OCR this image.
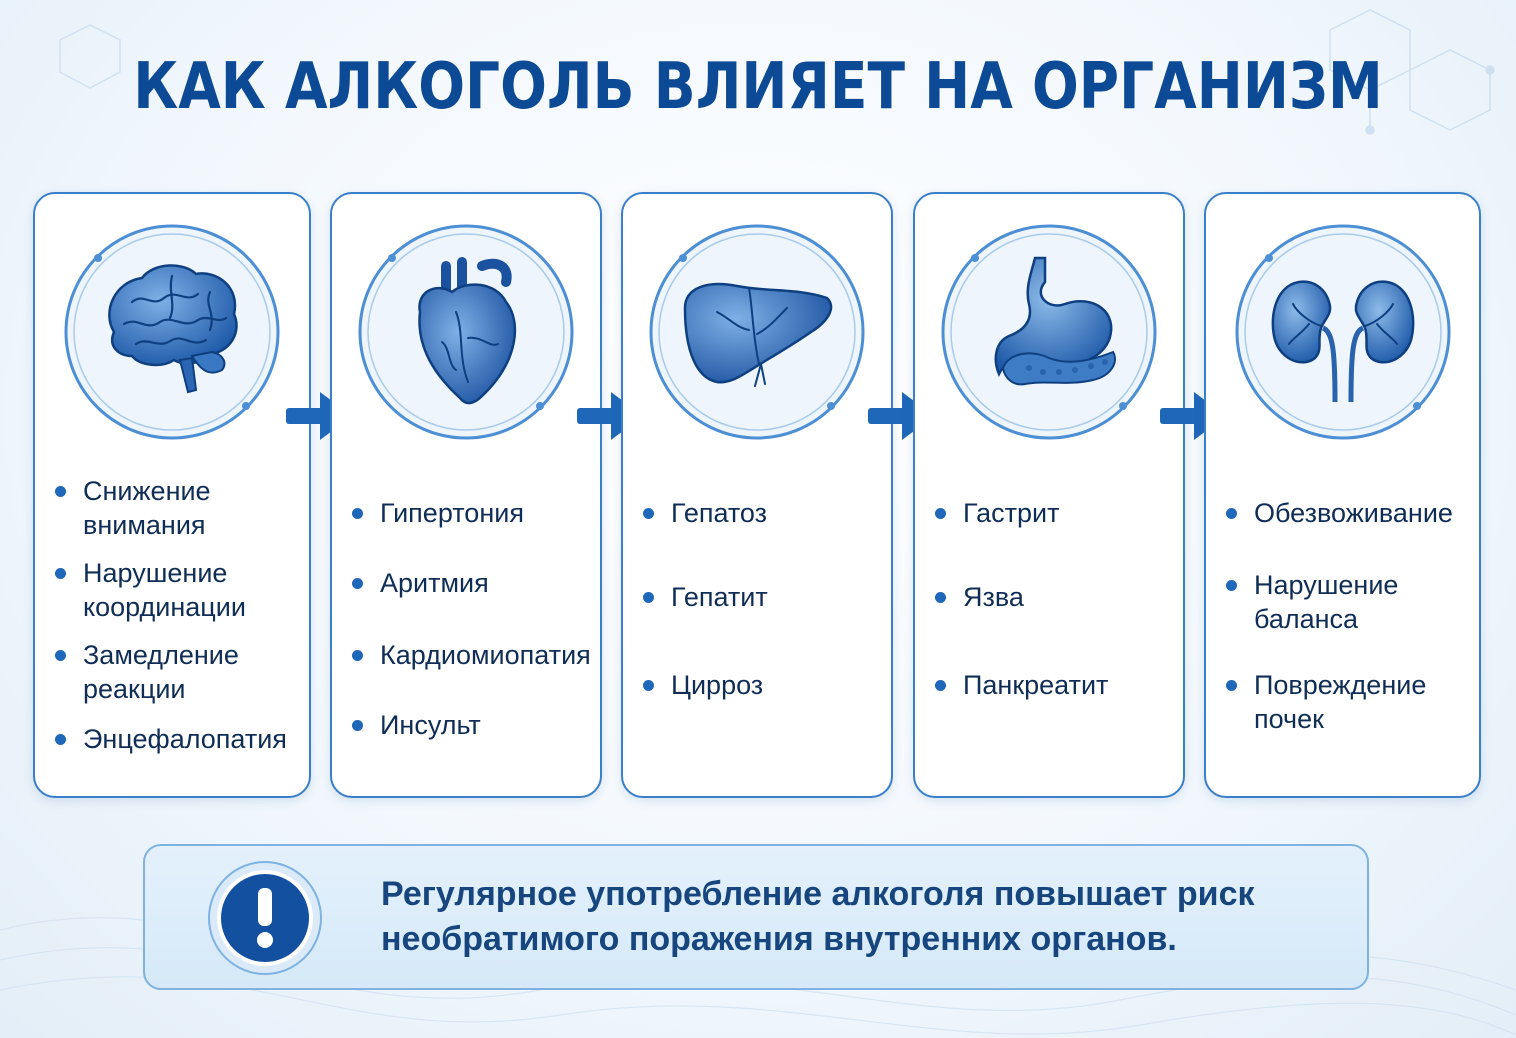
КАК АЛКОГОЛЬ ВЛИЯЕТ НА ОРГАНИЗМ
Снижение
внимания
Нарушение
координации
Замедление
реакции
Энцефалопатия
Гипертония
Аритмия
Кардиомиопатия
Инсульт
Гепатоз
Гепатит
Цирроз
Гастрит
Язва
Панкреатит
Обезвоживание
Нарушение
баланса
Повреждение
почек
Регулярное употребление алкоголя повышает риск необратимого поражения внутренних органов.
